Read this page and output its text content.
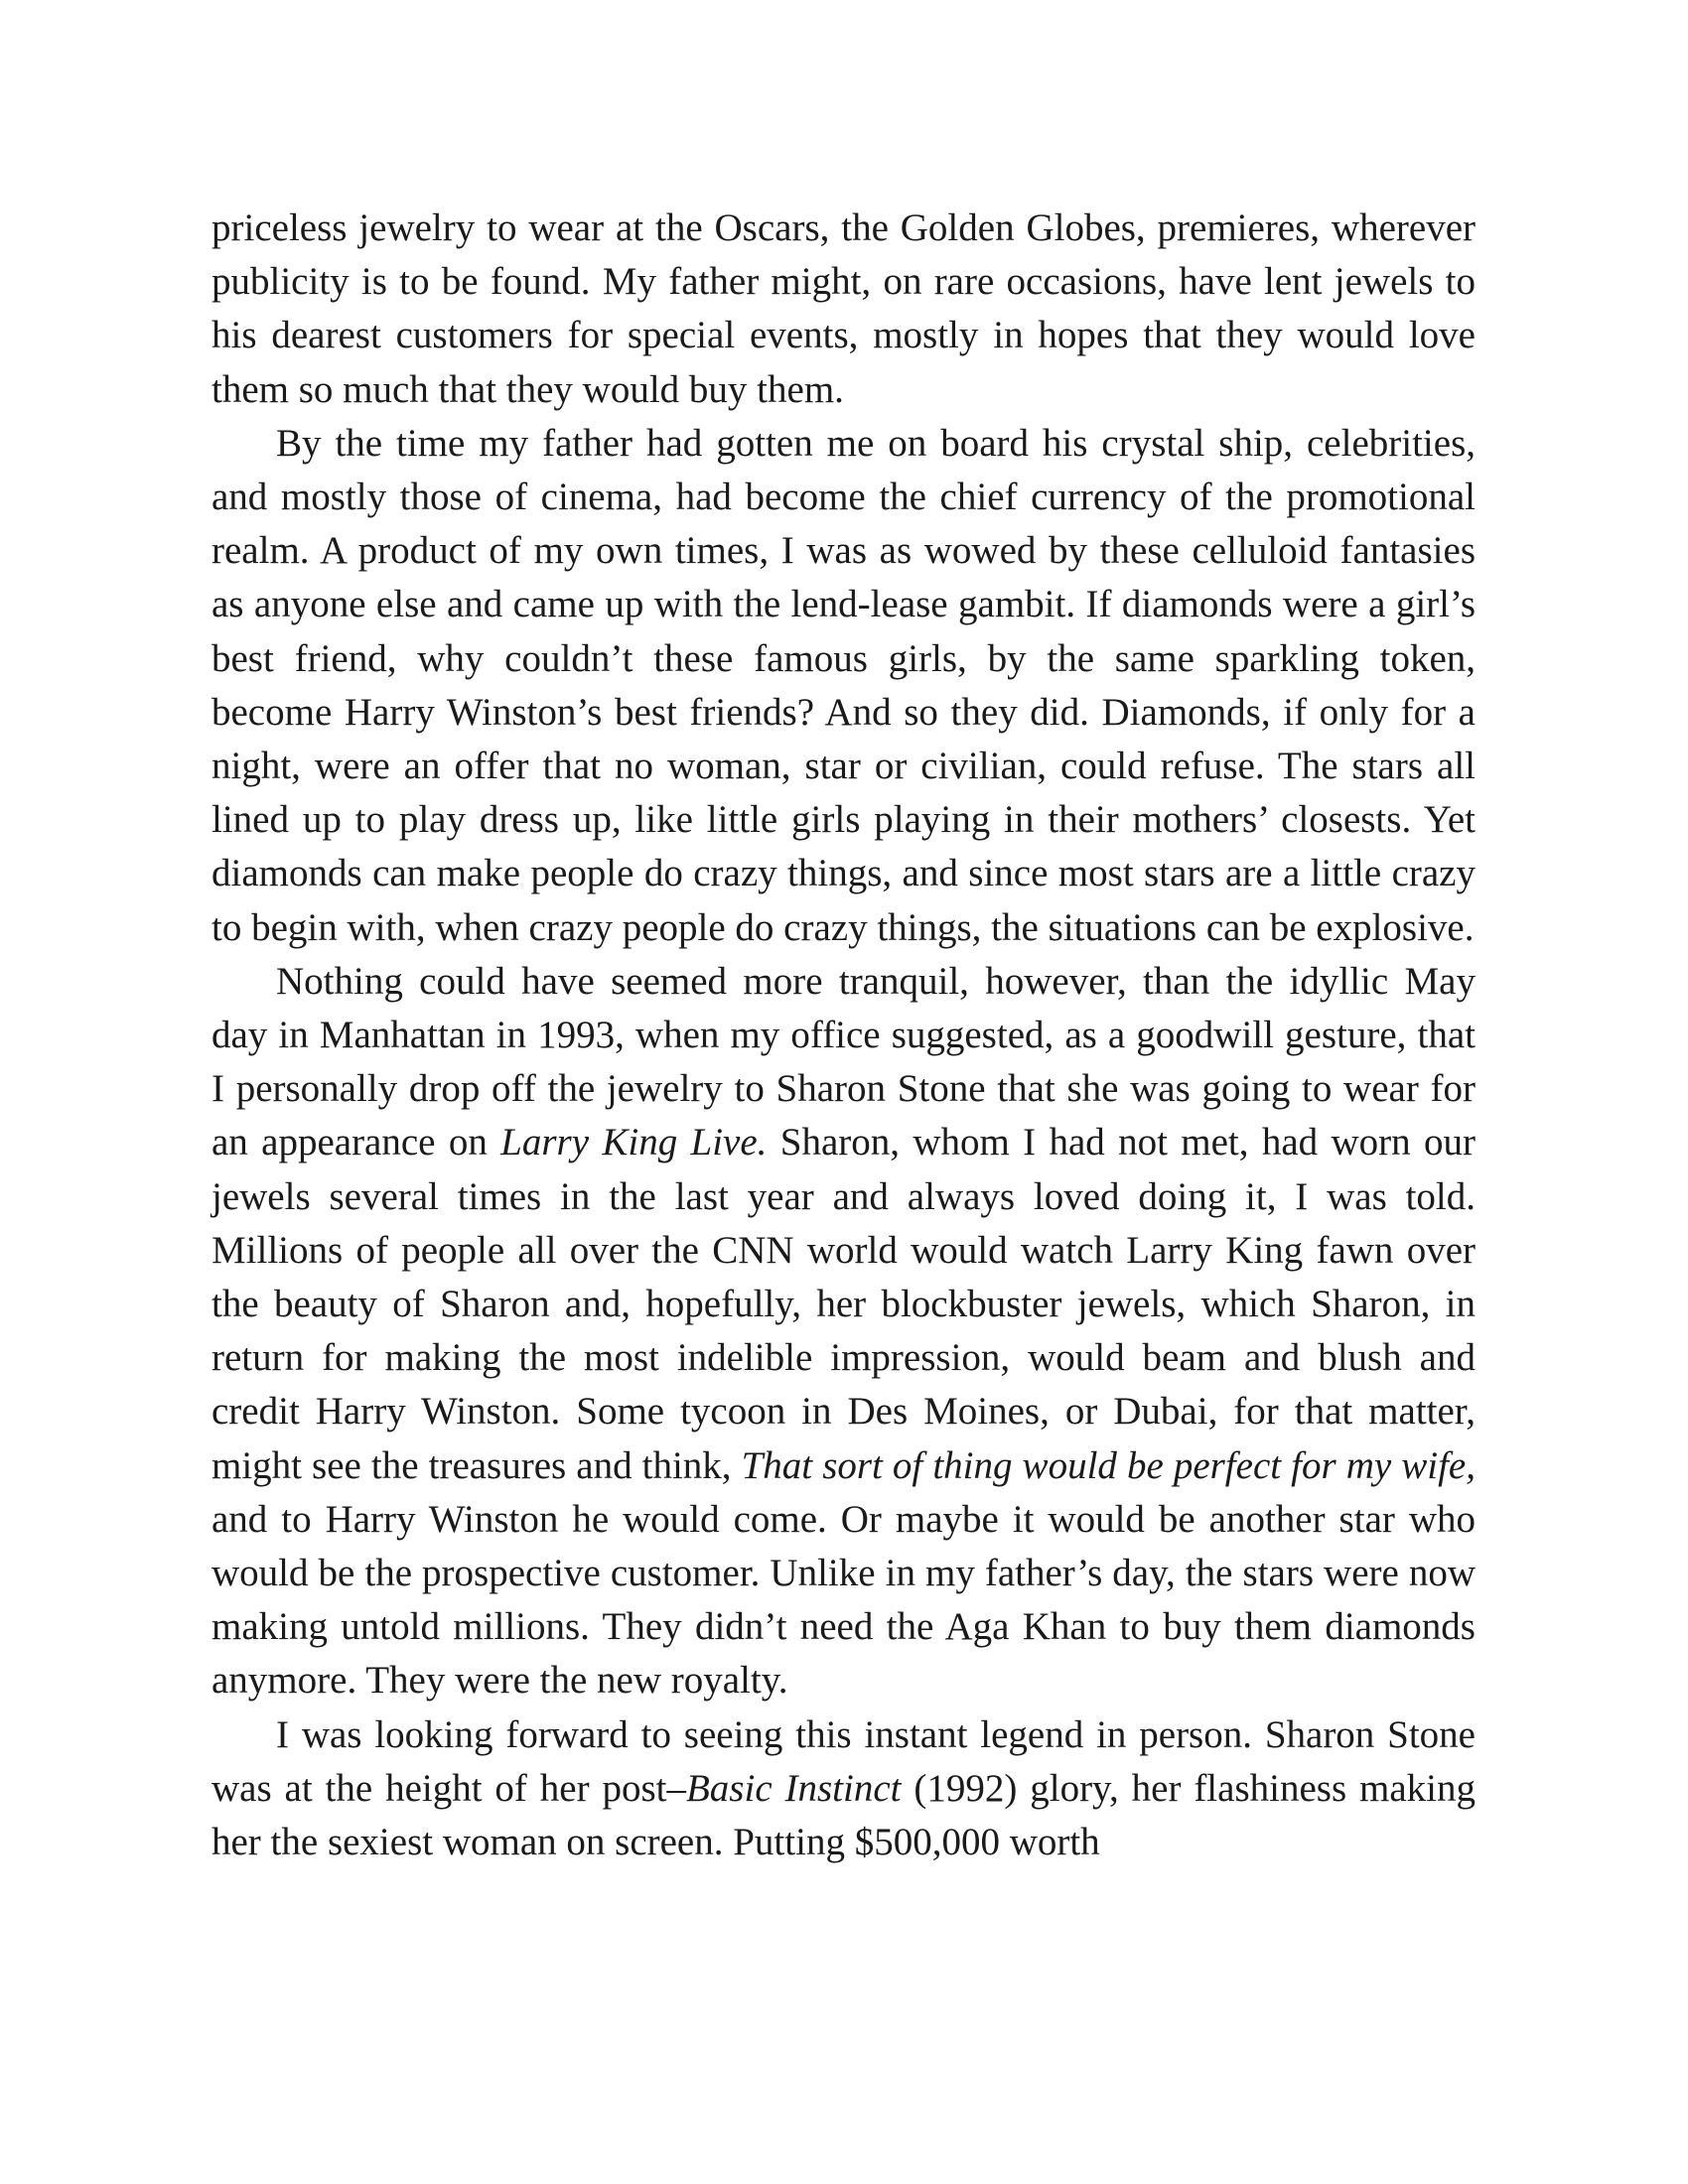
priceless jewelry to wear at the Oscars, the Golden Globes, premieres, wherever publicity is to be found. My father might, on rare occasions, have lent jewels to his dearest customers for special events, mostly in hopes that they would love them so much that they would buy them.

By the time my father had gotten me on board his crystal ship, celebrities, and mostly those of cinema, had become the chief currency of the promotional realm. A product of my own times, I was as wowed by these celluloid fantasies as anyone else and came up with the lend-lease gambit. If diamonds were a girl’s best friend, why couldn’t these famous girls, by the same sparkling token, become Harry Winston’s best friends? And so they did. Diamonds, if only for a night, were an offer that no woman, star or civilian, could refuse. The stars all lined up to play dress up, like little girls playing in their mothers’ closests. Yet diamonds can make people do crazy things, and since most stars are a little crazy to begin with, when crazy people do crazy things, the situations can be explosive.

Nothing could have seemed more tranquil, however, than the idyllic May day in Manhattan in 1993, when my office suggested, as a goodwill gesture, that I personally drop off the jewelry to Sharon Stone that she was going to wear for an appearance on Larry King Live. Sharon, whom I had not met, had worn our jewels several times in the last year and always loved doing it, I was told. Millions of people all over the CNN world would watch Larry King fawn over the beauty of Sharon and, hopefully, her blockbuster jewels, which Sharon, in return for making the most indelible impression, would beam and blush and credit Harry Winston. Some tycoon in Des Moines, or Dubai, for that matter, might see the treasures and think, That sort of thing would be perfect for my wife, and to Harry Winston he would come. Or maybe it would be another star who would be the prospective customer. Unlike in my father’s day, the stars were now making untold millions. They didn’t need the Aga Khan to buy them diamonds anymore. They were the new royalty.

I was looking forward to seeing this instant legend in person. Sharon Stone was at the height of her post–Basic Instinct (1992) glory, her flashiness making her the sexiest woman on screen. Putting $500,000 worth
